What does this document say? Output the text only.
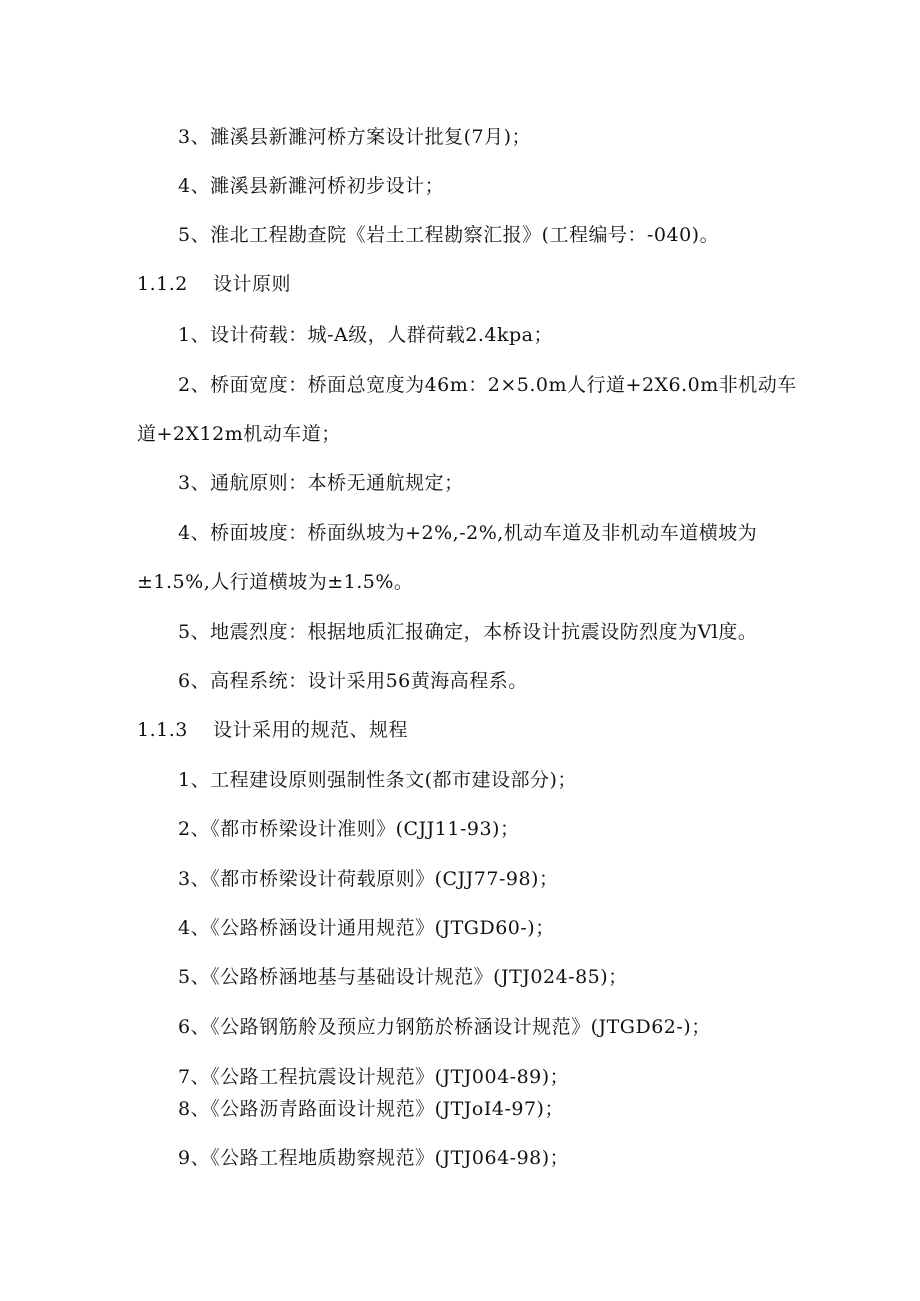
3、濉溪县新濉河桥方案设计批复(7月)；
4、濉溪县新濉河桥初步设计；
5、淮北工程勘查院《岩土工程勘察汇报》(工程编号：-040)。
1.1.2 设计原则
1、设计荷载：城-A级，人群荷载2.4kpa；
2、桥面宽度：桥面总宽度为46m：2×5.0m人行道+2X6.0m非机动车
道+2X12m机动车道；
3、通航原则：本桥无通航规定；
4、桥面坡度：桥面纵坡为+2%,-2%,机动车道及非机动车道横坡为
±1.5%,人行道横坡为±1.5%。
5、地震烈度：根据地质汇报确定，本桥设计抗震设防烈度为Vl度。
6、高程系统：设计采用56黄海高程系。
1.1.3 设计采用的规范、规程
1、工程建设原则强制性条文(都市建设部分)；
2、《都市桥梁设计准则》(CJJ11-93)；
3、《都市桥梁设计荷载原则》(CJJ77-98)；
4、《公路桥涵设计通用规范》(JTGD60-)；
5、《公路桥涵地基与基础设计规范》(JTJ024-85)；
6、《公路钢筋舲及预应力钢筋於桥涵设计规范》(JTGD62-)；
7、《公路工程抗震设计规范》(JTJ004-89)；
8、《公路沥青路面设计规范》(JTJoI4-97)；
9、《公路工程地质勘察规范》(JTJ064-98)；
